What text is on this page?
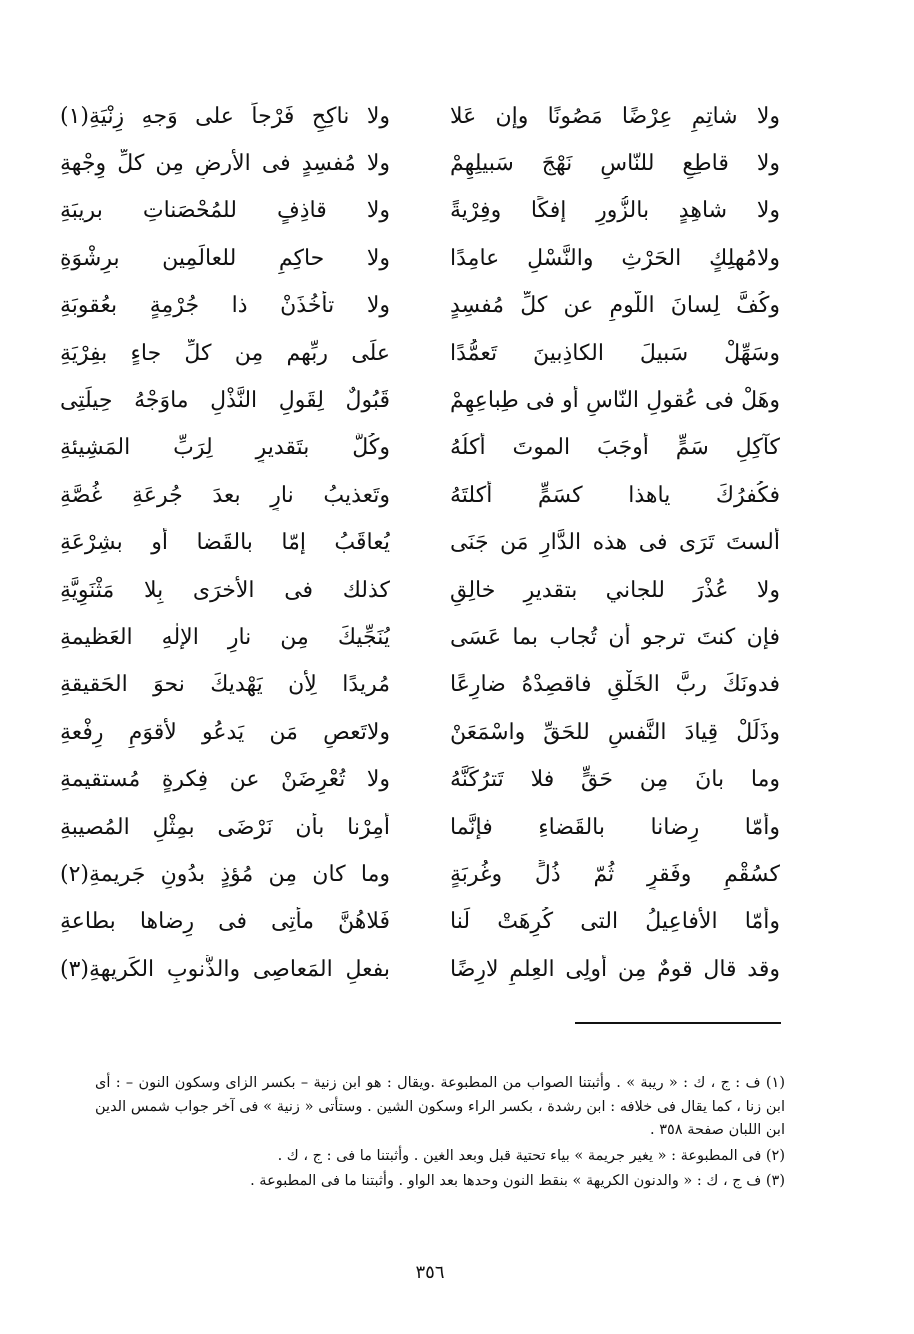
ولا شاتِمٍ عِرْضًا مَصُونًا وإن عَلا
ولا ناكِحٍ فَرْجاً على وَجهِ زِنْيَةِ(١)
ولا قاطِعٍ للنّاسِ نَهْجَ سَبيلِهِمْ
ولا مُفسِدٍ فى الأرضِ مِن كلِّ وِجْهةِ
ولا شاهِدٍ بالزُّورِ إفكًا وفِرْيةً
ولا قاذِفٍ للمُحْصَناتِ بريبَةِ
ولامُهلِكٍ الحَرْثِ والنَّسْلِ عامِدًا
ولا حاكِمٍ للعالَمِين برِشْوَةِ
وكُفَّ لِسانَ اللَّومِ عن كلِّ مُفسِدٍ
ولا تأخُذَنْ ذا جُرْمِةٍ بعُقوبَةِ
وسَهِّلْ سَبيلَ الكاذِبينَ تَعمُّدًا
علَى ربِّهم مِن كلِّ جاءٍ بفِرْيَةِ
وهَلْ فى عُقولِ النّاسِ أو فى طِباعِهِمْ
قَبُولٌ لِقَولِ النَّذْلِ ماوَجْهُ حِيلَتِى
كآكِلِ سَمٍّ أوجَبَ الموتَ أكلُهُ
وكُلٌّ بتَقديرٍ لِرَبِّ المَشِيئةِ
فكُفرُكَ ياهذا كسَمٍّ أكلتَهُ
وتَعذيبُ نارٍ بعدَ جُرعَةِ غُصَّةِ
ألستَ تَرَى فى هذه الدَّارِ مَن جَنَى
يُعاقَبُ إمّا بالقَضا أو بشِرْعَةِ
ولا عُذْرَ للجاني بتقديرِ خالِقٍ
كذلك فى الأُخرَى بِلا مَثْنَوِيَّةِ
فإن كنتَ ترجو أن تُجاب بما عَسَى
يُنَجِّيكَ مِن نارِ الإلٰهِ العَظيمةِ
فدونَكَ ربَّ الخَلْقِ فاقصِدْهُ ضارِعًا
مُريدًا لِأن يَهْديكَ نحوَ الحَقيقةِ
وذَلِّلْ قِيادَ النَّفسِ للحَقِّ واسْمَعَنْ
ولاتَعصِ مَن يَدعُو لأقوَمِ رِفْعةِ
وما بانَ مِن حَقٍّ فلا تَترُكَنَّهُ
ولا تُعْرِضَنْ عن فِكرةٍ مُستقيمةِ
وأمّا رِضانا بالقَضاءِ فإنَّما
أُمِرْنا بأن نَرْضَى بمِثْلِ المُصيبةِ
كسُقْمٍ وفَقرٍ ثُمّ ذُلٍّ وغُربَةٍ
وما كان مِن مُؤذٍ بدُونِ جَريمةِ(٢)
وأمّا الأفاعِيلُ التى كُرِهَتْ لَنا
فَلاهُنَّ مأتِى فى رِضاها بطاعةِ
وقد قال قومٌ مِن أُولِى العِلمِ لارِضًا
بفعلِ المَعاصِى والذُّنوبِ الكَريهةِ(٣)

(١) ف : ج ، ك : « ريبة » . وأثبتنا الصواب من المطبوعة .ويقال : هو ابن زنية – بكسر الزاى وسكون النون – : أى ابن زنا ، كما يقال فى خلافه : ابن رشدة ، بكسر الراء وسكون الشين . وستأتى « زنية » فى آخر جواب شمس الدين ابن اللبان صفحة ٣٥٨ .

(٢) فى المطبوعة : « يغير جريمة » بياء تحتية قبل وبعد الغين . وأثبتنا ما فى : ج ، ك .

(٣) ف ج ، ك : « والدنون الكريهة » بنقط النون وحدها بعد الواو . وأثبتنا ما فى المطبوعة .

٣٥٦
